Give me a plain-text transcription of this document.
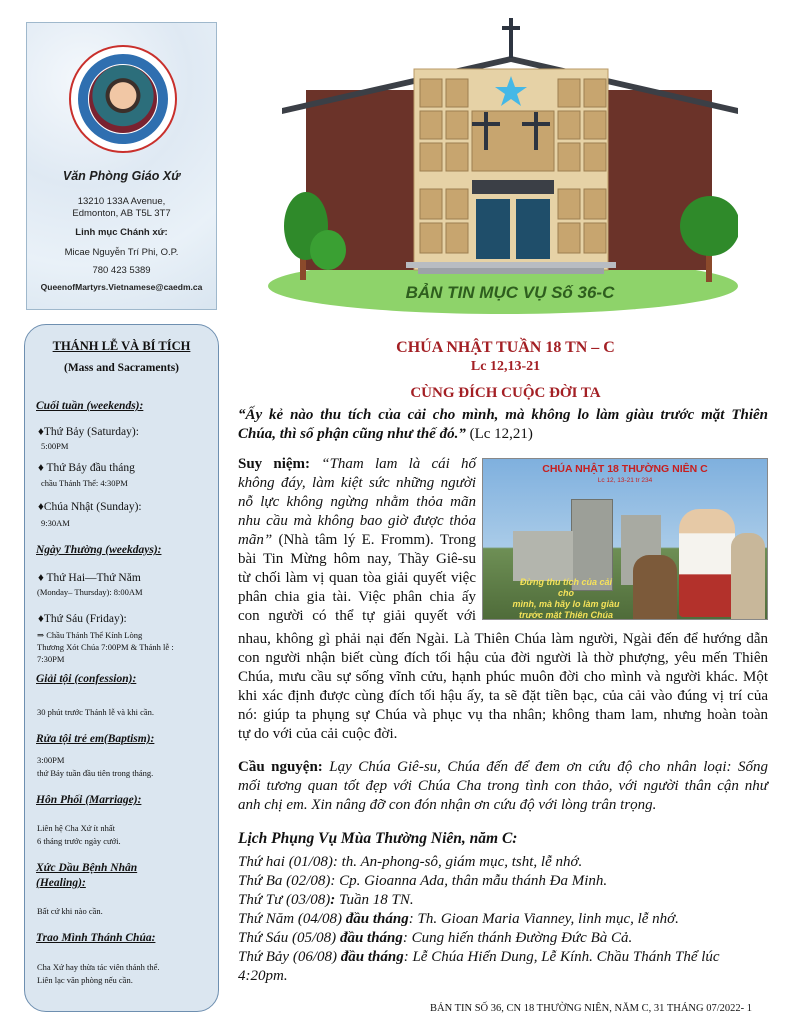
Văn Phòng Giáo Xứ
13210 133A Avenue,
Edmonton, AB T5L 3T7
Linh mục Chánh xứ:
Micae Nguyễn Trí Phi, O.P.
780 423 5389
QueenofMartyrs.Vietnamese@caedm.ca
THÁNH LỄ VÀ BÍ TÍCH
(Mass and Sacraments)
Cuối tuần (weekends):
♦Thứ Bảy (Saturday):
5:00PM
♦ Thứ Bảy đầu tháng
chầu Thánh Thể: 4:30PM
♦Chúa Nhật (Sunday):
9:30AM
Ngày Thường (weekdays):
♦ Thứ Hai—Thứ Năm
(Monday– Thursday): 8:00AM
♦Thứ Sáu (Friday):
⇒ Chầu Thánh Thể Kính Lòng
Thương Xót Chúa 7:00PM & Thánh lễ :
7:30PM
Giải tội (confession):
30 phút trước Thánh lễ và khi cần.
Rửa tội trẻ em(Baptism):
3:00PM
thứ Bảy tuần đầu tiên trong tháng.
Hôn Phối (Marriage):
Liên hệ Cha Xứ ít nhất
6 tháng trước ngày cưới.
Xức Dầu Bệnh Nhân
(Healing):
Bất cứ khi nào cần.
Trao Mình Thánh Chúa:
Cha Xứ hay thừa tác viên thánh thể.
Liên lạc văn phòng nếu cần.
BẢN TIN MỤC VỤ Số 36-C
CHÚA NHẬT TUẦN 18 TN – C
Lc 12,13-21
CÙNG ĐÍCH CUỘC ĐỜI TA
“Ấy kẻ nào thu tích của cải cho mình, mà không lo làm giàu trước mặt Thiên
Chúa, thì số phận cũng như thế đó.” (Lc 12,21)
Suy niệm: “Tham lam là cái hố
không đáy, làm kiệt sức những người
nỗ lực không ngừng nhằm thỏa mãn
nhu cầu mà không bao giờ được thỏa
mãn” (Nhà tâm lý E. Fromm). Trong
bài Tin Mừng hôm nay, Thầy Giê-su
từ chối làm vị quan tòa giải quyết việc
phân chia gia tài. Việc phân chia ấy
con người có thể tự giải quyết với
nhau, không gì phải nại đến Ngài. Là Thiên Chúa làm người, Ngài đến để hướng dẫn
con người nhận biết cùng đích tối hậu của đời người là thờ phượng, yêu mến Thiên
Chúa, mưu cầu sự sống vĩnh cửu, hạnh phúc muôn đời cho mình và người khác. Một
khi xác định được cùng đích tối hậu ấy, ta sẽ đặt tiền bạc, của cải vào đúng vị trí của
nó: giúp ta phụng sự Chúa và phục vụ tha nhân; không tham lam, nhưng hoàn toàn
tự do với của cải cuộc đời.
CHÚA NHẬT 18 THƯỜNG NIÊN C
Lc 12, 13-21 tr 234
Đừng thu tích của cải cho
mình, mà hãy lo làm giàu
trước mặt Thiên Chúa
Cầu nguyện: Lạy Chúa Giê-su, Chúa đến để đem ơn cứu độ cho nhân loại: Sống
mối tương quan tốt đẹp với Chúa Cha trong tình con thảo, với người thân cận như
anh chị em. Xin nâng đỡ con đón nhận ơn cứu độ với lòng trân trọng.
Lịch Phụng Vụ Mùa Thường Niên, năm C:
Thứ hai (01/08): th. An-phong-sô, giám mục, tsht, lễ nhớ.
Thứ Ba (02/08): Cp. Gioanna Ada, thân mẫu thánh Đa Minh.
Thứ Tư (03/08): Tuần 18 TN.
Thứ Năm (04/08) đầu tháng: Th. Gioan Maria Vianney, linh mục, lễ nhớ.
Thứ Sáu (05/08) đầu tháng: Cung hiến thánh Đường Đức Bà Cả.
Thứ Bảy (06/08) đầu tháng: Lễ Chúa Hiển Dung, Lễ Kính. Chầu Thánh Thể lúc 4:20pm.
BẢN TIN SỐ 36, CN 18 THƯỜNG NIÊN, NĂM C, 31 THÁNG 07/2022- 1
